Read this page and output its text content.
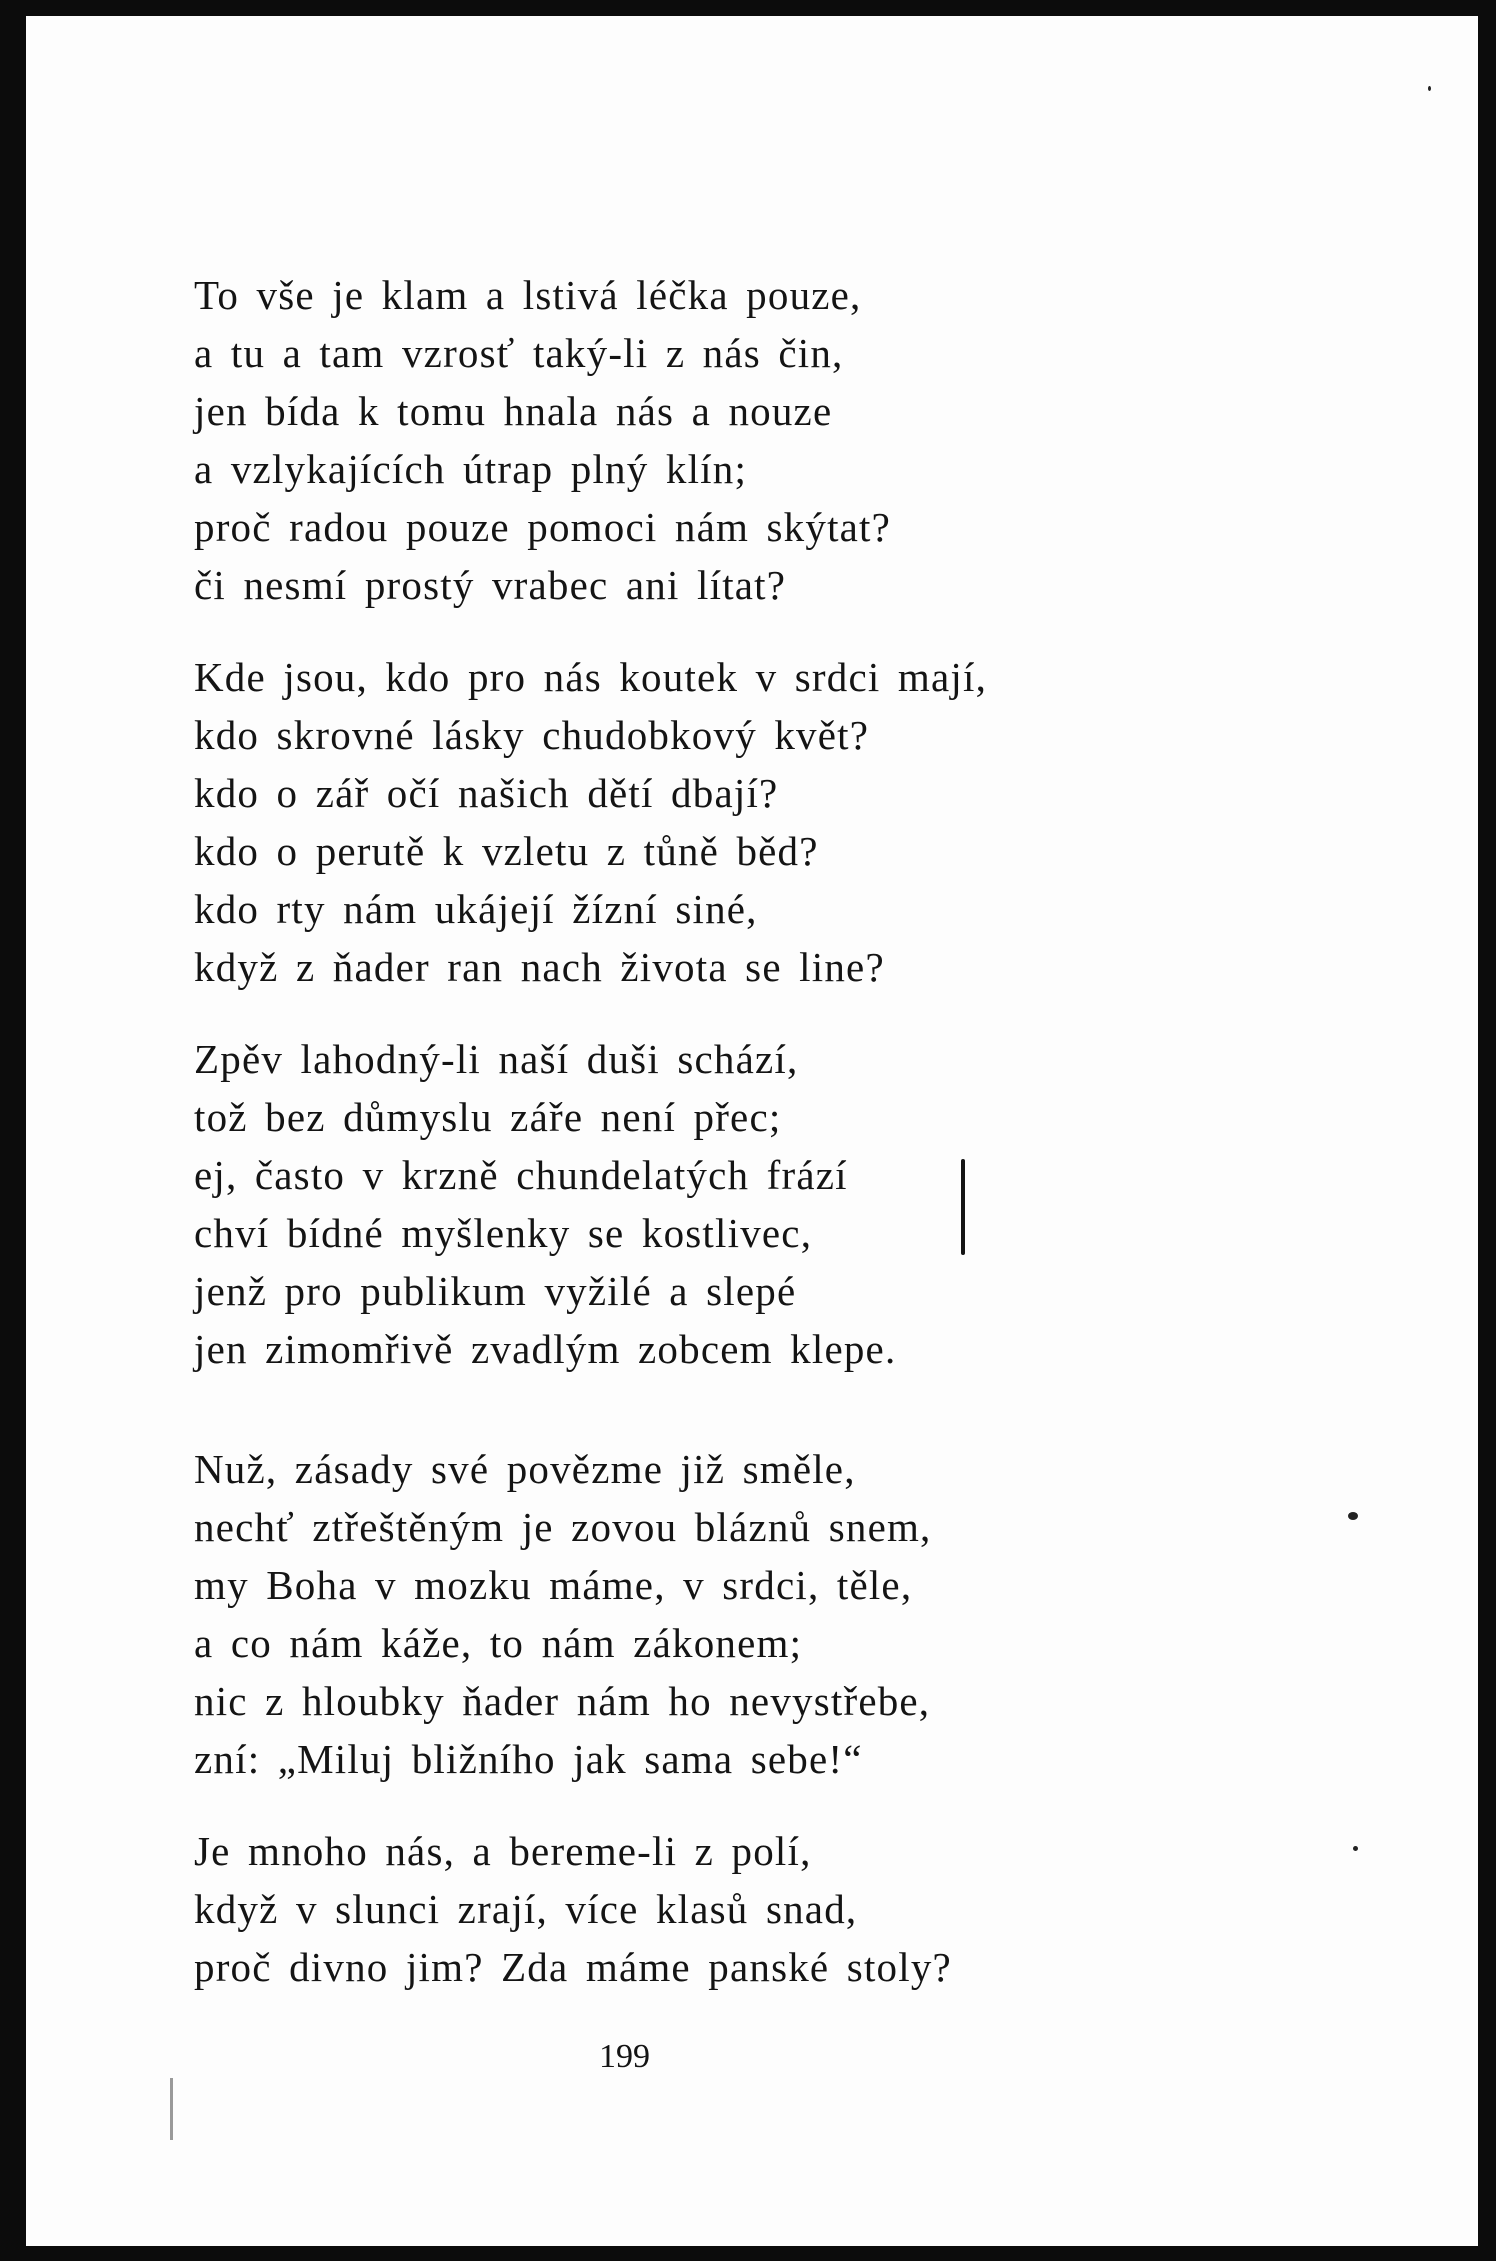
To vše je klam a lstivá léčka pouze,
a tu a tam vzrosť taký-li z nás čin,
jen bída k tomu hnala nás a nouze
a vzlykajících útrap plný klín;
proč radou pouze pomoci nám skýtat?
či nesmí prostý vrabec ani lítat?
Kde jsou, kdo pro nás koutek v srdci mají,
kdo skrovné lásky chudobkový květ?
kdo o zář očí našich dětí dbají?
kdo o perutě k vzletu z tůně běd?
kdo rty nám ukájejí žízní siné,
když z ňader ran nach života se line?
Zpěv lahodný-li naší duši schází,
tož bez důmyslu záře není přec;
ej, často v krzně chundelatých frází
chví bídné myšlenky se kostlivec,
jenž pro publikum vyžilé a slepé
jen zimomřivě zvadlým zobcem klepe.
Nuž, zásady své povězme již směle,
nechť ztřeštěným je zovou bláznů snem,
my Boha v mozku máme, v srdci, těle,
a co nám káže, to nám zákonem;
nic z hloubky ňader nám ho nevystřebe,
zní: „Miluj bližního jak sama sebe!“
Je mnoho nás, a bereme-li z polí,
když v slunci zrají, více klasů snad,
proč divno jim? Zda máme panské stoly?
199
